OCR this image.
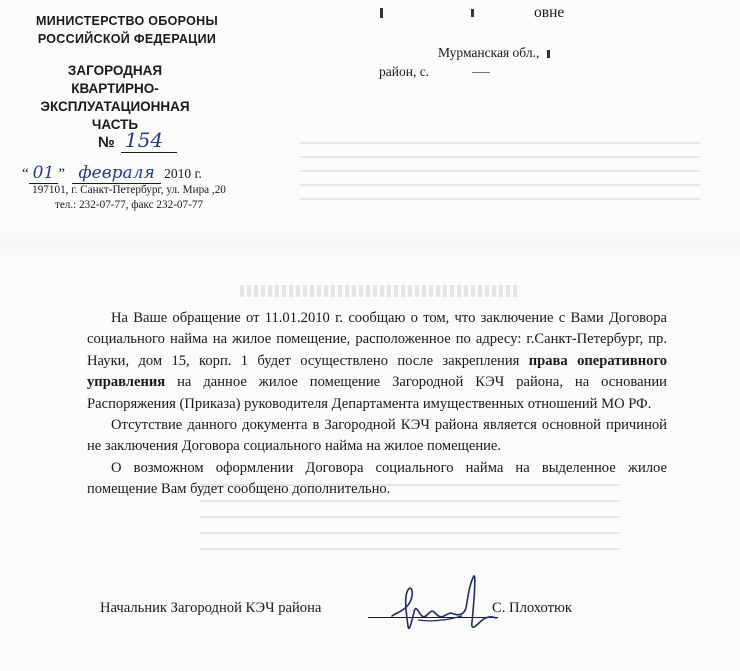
МИНИСТЕРСТВО ОБОРОНЫ
РОССИЙСКОЙ ФЕДЕРАЦИИ
ЗАГОРОДНАЯ
КВАРТИРНО-
ЭКСПЛУАТАЦИОННАЯ
ЧАСТЬ
№ 154
“ 01 ” февраля 2010 г.
197101, г. Санкт-Петербург, ул. Мира ,20
тел.: 232-07-77, факс 232-07-77
овне
Мурманская обл.,
район, с.

На Ваше обращение от 11.01.2010 г. сообщаю о том, что заключение с Вами Договора социального найма на жилое помещение, расположенное по адресу: г.Санкт-Петербург, пр. Науки, дом 15, корп. 1 будет осуществлено после закрепления права оперативного управления на данное жилое помещение Загородной КЭЧ района, на основании Распоряжения (Приказа) руководителя Департамента имущественных отношений МО РФ.

Отсутствие данного документа в Загородной КЭЧ района является основной причиной не заключения Договора социального найма на жилое помещение.

О возможном оформлении Договора социального найма на выделенное жилое помещение Вам будет сообщено дополнительно.

Начальник Загородной КЭЧ района	С. Плохотюк
